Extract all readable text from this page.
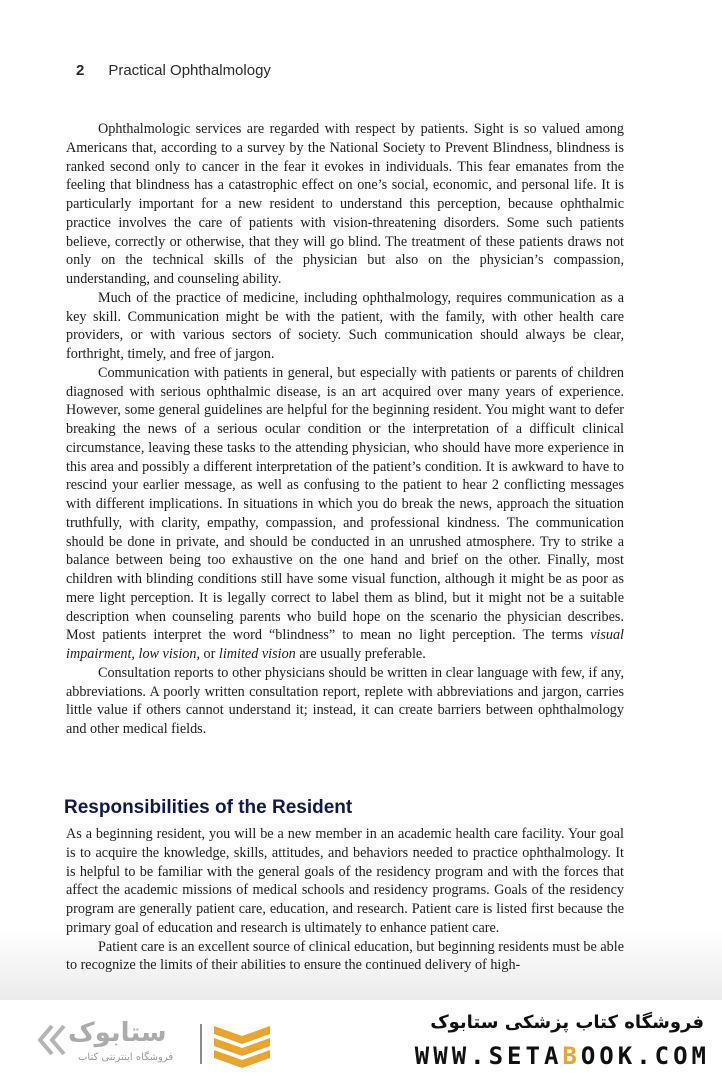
2 Practical Ophthalmology

Ophthalmologic services are regarded with respect by patients. Sight is so valued among Americans that, according to a survey by the National Society to Prevent Blindness, blindness is ranked second only to cancer in the fear it evokes in individuals. This fear emanates from the feeling that blindness has a catastrophic effect on one’s social, economic, and personal life. It is particularly important for a new resident to understand this perception, because ophthalmic practice involves the care of patients with vision-threatening disorders. Some such patients believe, correctly or otherwise, that they will go blind. The treatment of these patients draws not only on the technical skills of the physician but also on the physician’s compassion, understanding, and counseling ability.

Much of the practice of medicine, including ophthalmology, requires communication as a key skill. Communication might be with the patient, with the family, with other health care providers, or with various sectors of society. Such communication should always be clear, forthright, timely, and free of jargon.

Communication with patients in general, but especially with patients or parents of children diagnosed with serious ophthalmic disease, is an art acquired over many years of experience. However, some general guidelines are helpful for the beginning resident. You might want to defer breaking the news of a serious ocular condition or the interpretation of a difficult clinical circumstance, leaving these tasks to the attending physician, who should have more experience in this area and possibly a different interpretation of the patient’s condition. It is awkward to have to rescind your earlier message, as well as confusing to the patient to hear 2 conflicting messages with different implications. In situations in which you do break the news, approach the situation truthfully, with clarity, empathy, compassion, and professional kindness. The communication should be done in private, and should be conducted in an unrushed atmosphere. Try to strike a balance between being too exhaustive on the one hand and brief on the other. Finally, most children with blinding conditions still have some visual function, although it might be as poor as mere light perception. It is legally correct to label them as blind, but it might not be a suitable description when counseling parents who build hope on the scenario the physician describes. Most patients interpret the word “blindness” to mean no light perception. The terms visual impairment, low vision, or limited vision are usually preferable.

Consultation reports to other physicians should be written in clear language with few, if any, abbreviations. A poorly written consultation report, replete with abbreviations and jargon, carries little value if others cannot understand it; instead, it can create barriers between ophthalmology and other medical fields.

Responsibilities of the Resident

As a beginning resident, you will be a new member in an academic health care facility. Your goal is to acquire the knowledge, skills, attitudes, and behaviors needed to practice ophthalmology. It is helpful to be familiar with the general goals of the residency program and with the forces that affect the academic missions of medical schools and residency programs. Goals of the residency program are generally patient care, education, and research. Patient care is listed first because the primary goal of education and research is ultimately to enhance patient care.

Patient care is an excellent source of clinical education, but beginning residents must be able to recognize the limits of their abilities to ensure the continued delivery of high-

ستابوک
فروشگاه اینترنتی کتاب
فروشگاه کتاب پزشکی ستابوک
WWW.SETABOOK.COM
